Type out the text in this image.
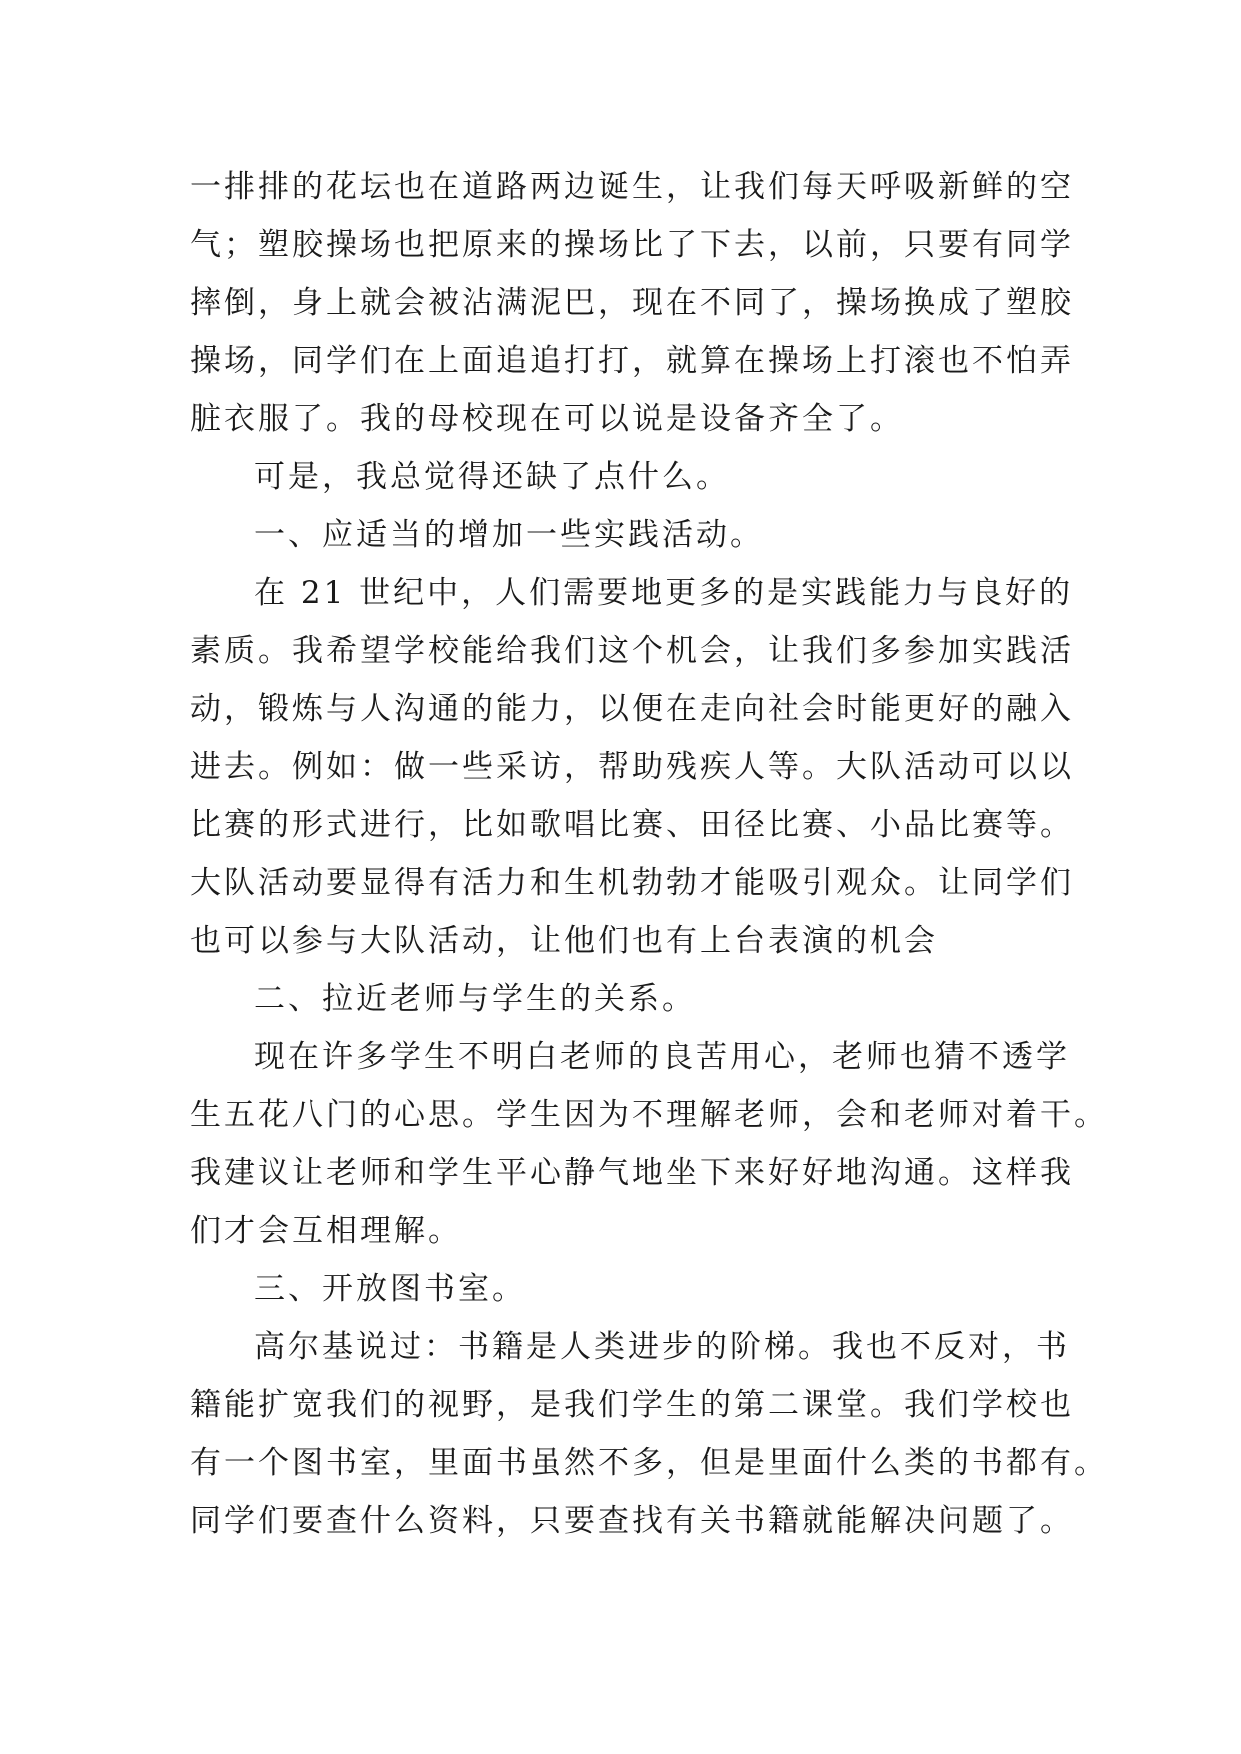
一排排的花坛也在道路两边诞生，让我们每天呼吸新鲜的空
气；塑胶操场也把原来的操场比了下去，以前，只要有同学
摔倒，身上就会被沾满泥巴，现在不同了，操场换成了塑胶
操场，同学们在上面追追打打，就算在操场上打滚也不怕弄
脏衣服了。我的母校现在可以说是设备齐全了。
可是，我总觉得还缺了点什么。
一、应适当的增加一些实践活动。
在 21 世纪中，人们需要地更多的是实践能力与良好的
素质。我希望学校能给我们这个机会，让我们多参加实践活
动，锻炼与人沟通的能力，以便在走向社会时能更好的融入
进去。例如：做一些采访，帮助残疾人等。大队活动可以以
比赛的形式进行，比如歌唱比赛、田径比赛、小品比赛等。
大队活动要显得有活力和生机勃勃才能吸引观众。让同学们
也可以参与大队活动，让他们也有上台表演的机会
二、拉近老师与学生的关系。
现在许多学生不明白老师的良苦用心，老师也猜不透学
生五花八门的心思。学生因为不理解老师，会和老师对着干。
我建议让老师和学生平心静气地坐下来好好地沟通。这样我
们才会互相理解。
三、开放图书室。
高尔基说过：书籍是人类进步的阶梯。我也不反对，书
籍能扩宽我们的视野，是我们学生的第二课堂。我们学校也
有一个图书室，里面书虽然不多，但是里面什么类的书都有。
同学们要查什么资料，只要查找有关书籍就能解决问题了。
